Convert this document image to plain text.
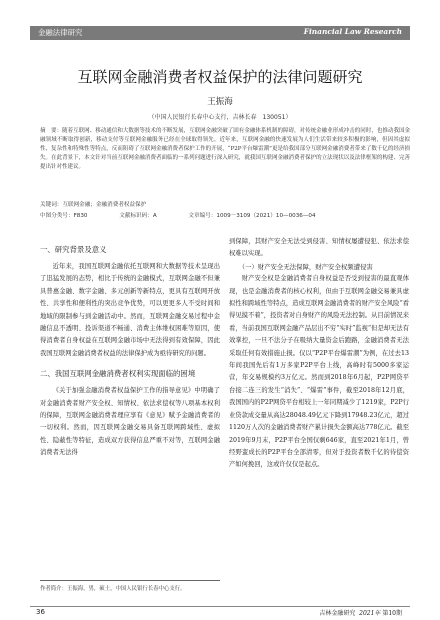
金融法律研究	Financial Law Research
互联网金融消费者权益保护的法律问题研究
王振海
（中国人民银行长春中心支行，吉林长春　130051）
摘　要：随着互联网、移动通信和大数据等技术的不断发展，互联网金融突破了固有金融体系机制的障碍，对传统金融业形成冲击的同时，也推动我国金融领域不断取得创新，移动支付等互联网金融服务已经在全球取得领先。近年来，互联网金融的快速发展为人们生活带来较多积极的影响，但因其虚拟性、复杂性和特殊性等特点，反而阻碍了互联网金融消费者保护工作的开展，“P2P平台爆雷潮”更是给我国部分互联网金融消费者带来了数千亿的经济损失。在此背景下，本文针对当前互联网金融消费者面临的一系列问题进行深入研究，就我国互联网金融消费者保护的立法现状以及法律框架的构建、完善提出针对性建议。
关键词：互联网金融；金融消费者权益保护
中图分类号：F830	文献标识码：A	文章编号：1009－3109（2021）10—0036—04
一、研究背景及意义

近年来，我国互联网金融依托互联网和大数据等技术呈现出了迅猛发展的态势，相比于传统的金融模式，互联网金融不但兼具普惠金融、数字金融、多元创新等新特点，更具有互联网开放性、共享性和便利性的突出竞争优势，可以更更多人不受时间和地域的限制参与到金融活动中。然而，互联网金融交易过程中金融信息不透明、投诉渠道不畅通、消费主体维权困难等原因，使得消费者自身权益在互联网金融市场中无法得到有效保障，因此我国互联网金融消费者权益的法律保护成为亟待研究的问题。

二、我国互联网金融消费者权利实现面临的困境

《关于加强金融消费者权益保护工作的指导意见》中明确了对金融消费者财产安全权、知情权、依法求偿权等八项基本权利的保障，互联网金融消费者理应享有《意见》赋予金融消费者的一切权利。然而，因互联网金融交易具备互联网跨域性、虚拟性、隐蔽性等特征，造成双方获得信息严重不对等，互联网金融消费者无法得

到保障，其财产安全无法受到侵害、知情权屡遭侵犯、依法求偿权难以实现。

（一）财产安全无法保障，财产安全权频遭侵害

财产安全权是金融消费者自身权益是否受到侵害的最直观体现，也是金融消费者的核心权利，但由于互联网金融交易兼具虚拟性和跨域性等特点，造成互联网金融消费者的财产安全风险“看得见摸不着”，投资者对自身财产的风险无法控制。从目前情况来看，当前我国互联网金融产品层出不穷“实时”监视“但是却无法有效掌控，一旦不法分子在吸纳大量资金后跑路，金融消费者无法采取任何有效措施止损。仅以“P2P平台爆雷潮”为例，在过去13年间我国先后有1万多家P2P平台上线，高峰时有5000多家运营，年交易规模约3万亿元。然而到2018年6月起，P2P网贷平台接二连三的发生“消失”、“爆雷”事件，截至2018年12月底，我国国内的P2P网贷平台相较上一年同期减少了1219家，P2P行业贷款成交量从高达28048.49亿元下降到17948.23亿元，超过1120万人次的金融消费者财产累计损失金额高达778亿元。截至2019年9月末，P2P平台全国仅剩646家，直至2021年1月，曾经野蛮成长的P2P平台全部清零，但对于投资者数千亿的待偿资产如何挽回，这或许仅仅是起点。

作者简介：王振海，男，硕士，中国人民银行长春中心支行。
36	吉林金融研究 2021年 第10期
